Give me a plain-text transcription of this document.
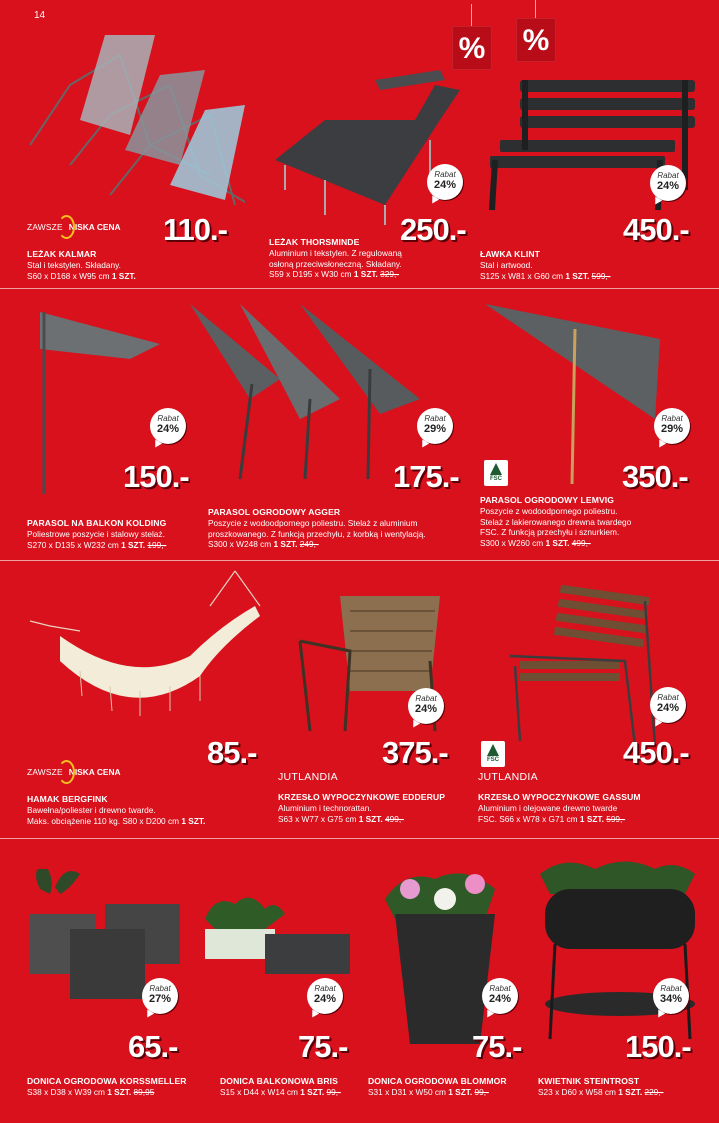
14
% %
ZAWSZE NISKA CENA 110.-
LEŻAK KALMAR
Stal i tekstylen. Składany.
S60 x D168 x W95 cm 1 SZT.
Rabat
24%
250.-
LEŻAK THORSMINDE
Aluminium i tekstylen. Z regulowaną
osłoną przeciwsłoneczną. Składany.
S59 x D195 x W30 cm 1 SZT. 329,-
Rabat
24%
450.-
ŁAWKA KLINT
Stal i artwood.
S125 x W81 x G60 cm 1 SZT. 599,-
Rabat
24%
150.-
PARASOL NA BALKON KOLDING
Poliestrowe poszycie i stalowy stelaż.
S270 x D135 x W232 cm 1 SZT. 199,-
Rabat
29%
175.-
PARASOL OGRODOWY AGGER
Poszycie z wodoodpornego poliestru. Stelaż z aluminium
proszkowanego. Z funkcją przechyłu, z korbką i wentylacją.
S300 x W248 cm 1 SZT. 249,-
FSC
Rabat
29%
350.-
PARASOL OGRODOWY LEMVIG
Poszycie z wodoodpornego poliestru.
Stelaż z lakierowanego drewna twardego
FSC. Z funkcją przechyłu i sznurkiem.
S300 x W260 cm 1 SZT. 499,-
ZAWSZE NISKA CENA
85.-
HAMAK BERGFINK
Bawełna/poliester i drewno twarde.
Maks. obciążenie 110 kg. S80 x D200 cm 1 SZT.
Rabat
24%
375.-
JUTLANDIA
KRZESŁO WYPOCZYNKOWE EDDERUP
Aluminium i technorattan.
S63 x W77 x G75 cm 1 SZT. 499,-
FSC
Rabat
24%
450.-
JUTLANDIA
KRZESŁO WYPOCZYNKOWE GASSUM
Aluminium i olejowane drewno twarde
FSC. S66 x W78 x G71 cm 1 SZT. 599,-
Rabat
27%
65.-
DONICA OGRODOWA KORSSMELLER
S38 x D38 x W39 cm 1 SZT. 89,95
Rabat
24%
75.-
DONICA BALKONOWA BRIS
S15 x D44 x W14 cm 1 SZT. 99,-
Rabat
24%
75.-
DONICA OGRODOWA BLOMMOR
S31 x D31 x W50 cm 1 SZT. 99,-
Rabat
34%
150.-
KWIETNIK STEINTROST
S23 x D60 x W58 cm 1 SZT. 229,-
